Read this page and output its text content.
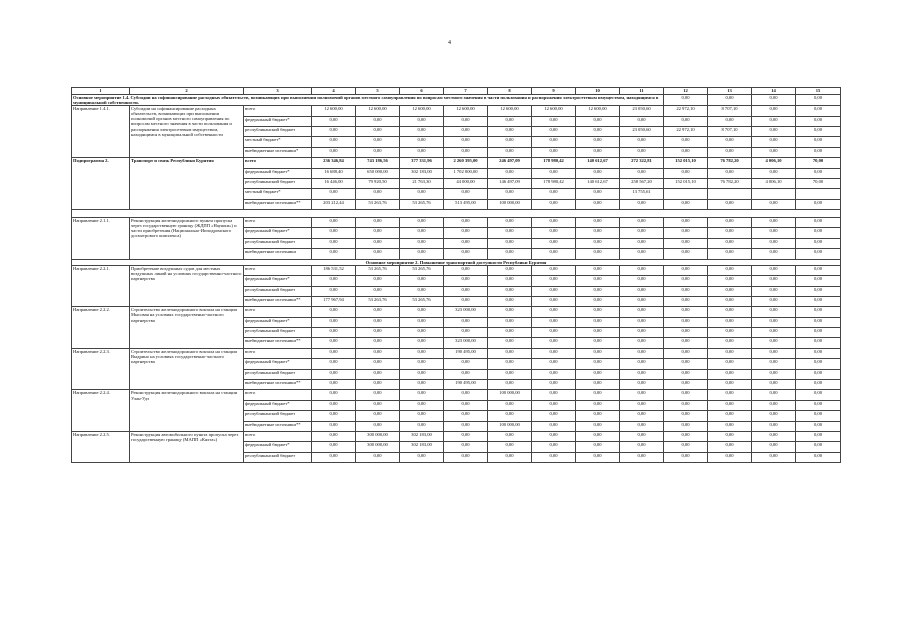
4
1	2	3	4	5	6	7	8	9	10	11	12	13	14	15
Основное мероприятие 1.4. Субсидии на софинансирование расходных обязательств, возникающих при выполнении полномочий органов местного самоуправления по вопросам местного значения в части пользования и распоряжения электросетевым имуществом, находящимся в муниципальной собственности.											0,00	0,00	0,00	0,00
Направление 1.4.1.	Субсидии на софинансирование расходных обязательств, возникающих при выполнении полномочий органов местного самоуправления по вопросам местного значения в части пользования и распоряжения электросетевым имуществом, находящимся в муниципальной собственности	всего	12 600,00	12 600,00	12 600,00	12 600,00	12 600,00	12 600,00	12 600,00	23 050,60	22 972,10	8 707,10	0,00	0,00
		федеральный бюджет*	0,00	0,00	0,00	0,00	0,00	0,00	0,00	0,00	0,00	0,00	0,00	0,00
		республиканский бюджет	0,00	0,00	0,00	0,00	0,00	0,00	0,00	23 050,60	22 972,10	8 707,10	0,00	0,00
		местный бюджет*	0,00	0,00	0,00	0,00	0,00	0,00	0,00	0,00	0,00	0,00	0,00	0,00
		внебюджетные источники*	0,00	0,00	0,00	0,00	0,00	0,00	0,00	0,00	0,00	0,00	0,00	0,00
Подпрограмма 2.	Транспорт и связь Республики Бурятия	всего	236 346,84	743 186,56	377 331,96	2 260 395,00	246 497,09	178 980,42	140 612,67	272 322,81	152 015,10	76 782,20	4 006,10	70,00
		федеральный бюджет*	16 688,40	650 000,00	302 183,00	1 702 000,00	0,00	0,00	0,00	0,00	0,00	0,00	0,00	0,00
		республиканский бюджет	16 446,00	79 920,50	21 763,30	44 000,00	146 497,09	178 980,42	140 612,67	258 567,20	152 015,10	76 782,20	4 006,10	70,00
		местный бюджет*	0,00	0,00	0,00	0,00	0,00	0,00	0,00	13 755,61				
		внебюджетные источники**	203 212,44	53 263,76	53 265,76	513 495,00	100 000,00	0,00	0,00	0,00	0,00	0,00	0,00	0,00

Направление 2.1.1.	Реконструкция железнодорожного пункта пропуска через государственную границу (ЖДПП «Наушки») и части приобретения (Национально-Ипподромского досмотрового комплекса)	всего	0,00	0,00	0,00	0,00	0,00	0,00	0,00	0,00	0,00	0,00	0,00	0,00
		федеральный бюджет*	0,00	0,00	0,00	0,00	0,00	0,00	0,00	0,00	0,00	0,00	0,00	0,00
		республиканский бюджет	0,00	0,00	0,00	0,00	0,00	0,00	0,00	0,00	0,00	0,00	0,00	0,00
		внебюджетные источники	0,00	0,00	0,00	0,00	0,00	0,00	0,00	0,00	0,00	0,00	0,00	0,00
Основное мероприятие 2. Повышение транспортной доступности Республики Бурятия														
Направление 2.2.1.	Приобретение воздушных судов для местных воздушных линий на условиях государственно-частного партнерства	всего	186 531,52	53 265,76	53 265,76	0,00	0,00	0,00	0,00	0,00	0,00	0,00	0,00	0,00
		федеральный бюджет*	0,00	0,00	0,00	0,00	0,00	0,00	0,00	0,00	0,00	0,00	0,00	0,00
		республиканский бюджет	0,00	0,00	0,00	0,00	0,00	0,00	0,00	0,00	0,00	0,00	0,00	0,00
		внебюджетные источники**	177 967,94	53 263,76	53 265,76	0,00	0,00	0,00	0,00	0,00	0,00	0,00	0,00	0,00
Направление 2.2.2.	Строительство железнодорожного вокзала на станции Мысовая на условиях государственно-частного партнерства	всего	0,00	0,00	0,00	323 000,00	0,00	0,00	0,00	0,00	0,00	0,00	0,00	0,00
		федеральный бюджет*	0,00	0,00	0,00	0,00	0,00	0,00	0,00	0,00	0,00	0,00	0,00	0,00
		республиканский бюджет	0,00	0,00	0,00	0,00	0,00	0,00	0,00	0,00	0,00	0,00	0,00	0,00
		внебюджетные источники**	0,00	0,00	0,00	323 000,00	0,00	0,00	0,00	0,00	0,00	0,00	0,00	0,00
Направление 2.2.3.	Строительство железнодорожного вокзала на станции Выдрино на условиях государственно-частного партнерства	всего	0,00	0,00	0,00	190 495,00	0,00	0,00	0,00	0,00	0,00	0,00	0,00	0,00
		федеральный бюджет*	0,00	0,00	0,00	0,00	0,00	0,00	0,00	0,00	0,00	0,00	0,00	0,00
		республиканский бюджет	0,00	0,00	0,00	0,00	0,00	0,00	0,00	0,00	0,00	0,00	0,00	0,00
		внебюджетные источники**	0,00	0,00	0,00	190 495,00	0,00	0,00	0,00	0,00	0,00	0,00	0,00	0,00
Направление 2.2.4.	Реконструкция железнодорожного вокзала на станции Улан-Удэ	всего	0,00	0,00	0,00	0,00	100 000,00	0,00	0,00	0,00	0,00	0,00	0,00	0,00
		федеральный бюджет*	0,00	0,00	0,00	0,00	0,00	0,00	0,00	0,00	0,00	0,00	0,00	0,00
		республиканский бюджет	0,00	0,00	0,00	0,00	0,00	0,00	0,00	0,00	0,00	0,00	0,00	0,00
		внебюджетные источники**	0,00	0,00	0,00	0,00	100 000,00	0,00	0,00	0,00	0,00	0,00	0,00	0,00
Направление 2.2.5.	Реконструкция автомобильного пункта пропуска через государственную границу (МАПП «Кяхта»)	всего	0,00	300 000,00	302 183,00	0,00	0,00	0,00	0,00	0,00	0,00	0,00	0,00	0,00
		федеральный бюджет*	0,00	300 000,00	302 183,00	0,00	0,00	0,00	0,00	0,00	0,00	0,00	0,00	0,00
		республиканский бюджет	0,00	0,00	0,00	0,00	0,00	0,00	0,00	0,00	0,00	0,00	0,00	0,00
